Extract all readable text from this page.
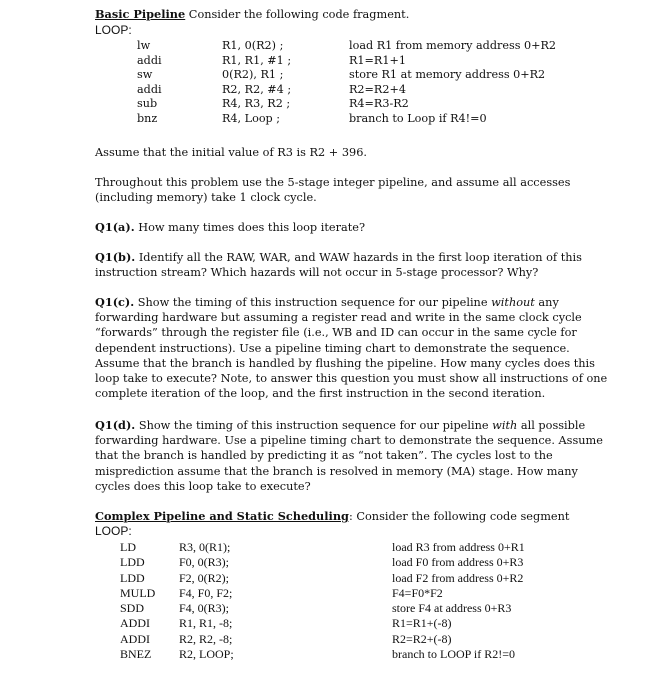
Basic Pipeline Consider the following code fragment.
LOOP:
lw
addi
sw
addi
sub
bnz
R1, 0(R2) ;
R1, R1, #1 ;
0(R2), R1 ;
R2, R2, #4 ;
R4, R3, R2 ;
R4, Loop ;
load R1 from memory address 0+R2
R1=R1+1
store R1 at memory address 0+R2
R2=R2+4
R4=R3-R2
branch to Loop if R4!=0
Assume that the initial value of R3 is R2 + 396.
Throughout this problem use the 5-stage integer pipeline, and assume all accesses (including memory) take 1 clock cycle.
Q1(a). How many times does this loop iterate?
Q1(b). Identify all the RAW, WAR, and WAW hazards in the first loop iteration of this instruction stream? Which hazards will not occur in 5-stage processor? Why?
Q1(c). Show the timing of this instruction sequence for our pipeline without any forwarding hardware but assuming a register read and write in the same clock cycle “forwards” through the register file (i.e., WB and ID can occur in the same cycle for dependent instructions). Use a pipeline timing chart to demonstrate the sequence. Assume that the branch is handled by flushing the pipeline. How many cycles does this loop take to execute? Note, to answer this question you must show all instructions of one complete iteration of the loop, and the first instruction in the second iteration.
Q1(d). Show the timing of this instruction sequence for our pipeline with all possible forwarding hardware. Use a pipeline timing chart to demonstrate the sequence. Assume that the branch is handled by predicting it as “not taken”. The cycles lost to the misprediction assume that the branch is resolved in memory (MA) stage. How many cycles does this loop take to execute?
Complex Pipeline and Static Scheduling: Consider the following code segment
LOOP:
LD
LDD
LDD
MULD
SDD
ADDI
ADDI
BNEZ
R3, 0(R1);
F0, 0(R3);
F2, 0(R2);
F4, F0, F2;
F4, 0(R3);
R1, R1, -8;
R2, R2, -8;
R2, LOOP;
load R3 from address 0+R1
load F0 from address 0+R3
load F2 from address 0+R2
F4=F0*F2
store F4 at address 0+R3
R1=R1+(-8)
R2=R2+(-8)
branch to LOOP if R2!=0
